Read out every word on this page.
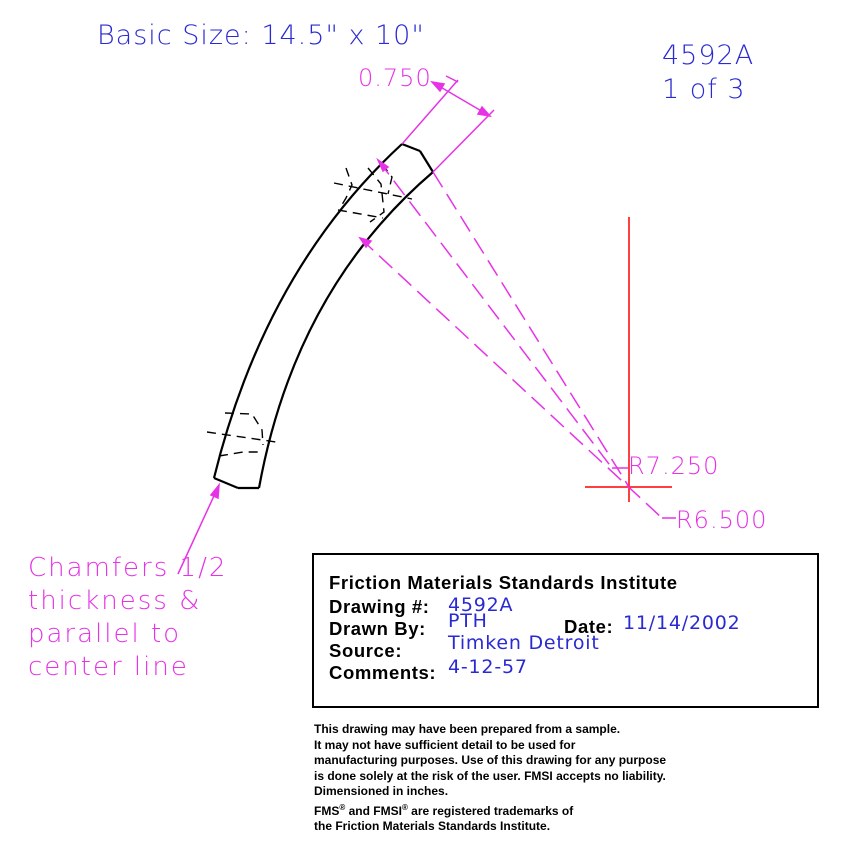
Basic Size: 14.5" x 10"
4592A
1 of 3
0.750
R7.250
R6.500
Chamfers 1/2
thickness &
parallel to
center line
Friction Materials Standards Institute
Drawing #: 4592A
Drawn By: PTH	Date: 11/14/2002
Source: Timken Detroit
Comments: 4-12-57
This drawing may have been prepared from a sample.
It may not have sufficient detail to be used for
manufacturing purposes. Use of this drawing for any purpose
is done solely at the risk of the user. FMSI accepts no liability.
Dimensioned in inches.
FMS® and FMSI® are registered trademarks of
the Friction Materials Standards Institute.
